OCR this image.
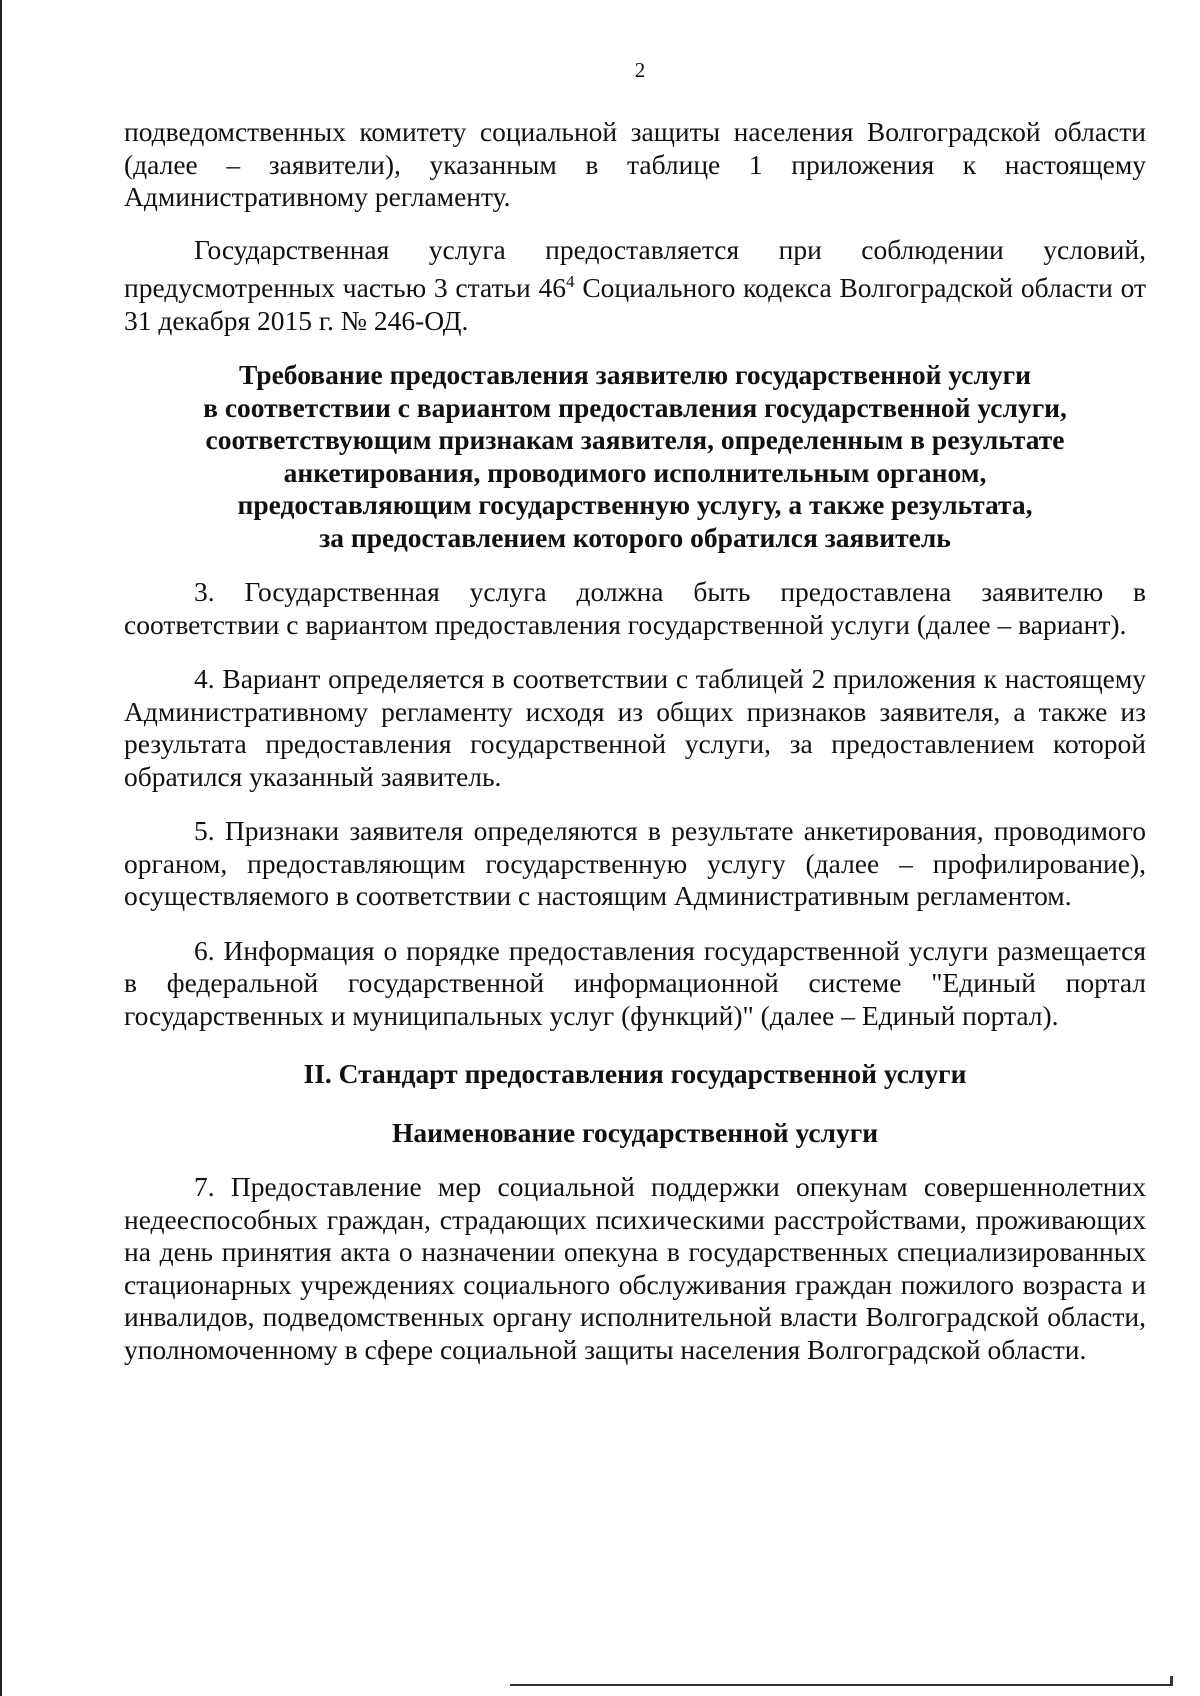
2

подведомственных комитету социальной защиты населения Волгоградской области (далее – заявители), указанным в таблице 1 приложения к настоящему Административному регламенту.

Государственная услуга предоставляется при соблюдении условий, предусмотренных частью 3 статьи $46^4$ Социального кодекса Волгоградской области от 31 декабря 2015 г. № 246-ОД.

Требование предоставления заявителю государственной услуги
в соответствии с вариантом предоставления государственной услуги,
соответствующим признакам заявителя, определенным в результате
анкетирования, проводимого исполнительным органом,
предоставляющим государственную услугу, а также результата,
за предоставлением которого обратился заявитель

3. Государственная услуга должна быть предоставлена заявителю в соответствии с вариантом предоставления государственной услуги (далее – вариант).

4. Вариант определяется в соответствии с таблицей 2 приложения к настоящему Административному регламенту исходя из общих признаков заявителя, а также из результата предоставления государственной услуги, за предоставлением которой обратился указанный заявитель.

5. Признаки заявителя определяются в результате анкетирования, проводимого органом, предоставляющим государственную услугу (далее – профилирование), осуществляемого в соответствии с настоящим Административным регламентом.

6. Информация о порядке предоставления государственной услуги размещается в федеральной государственной информационной системе "Единый портал государственных и муниципальных услуг (функций)" (далее – Единый портал).

II. Стандарт предоставления государственной услуги
Наименование государственной услуги

7. Предоставление мер социальной поддержки опекунам совершеннолетних недееспособных граждан, страдающих психическими расстройствами, проживающих на день принятия акта о назначении опекуна в государственных специализированных стационарных учреждениях социального обслуживания граждан пожилого возраста и инвалидов, подведомственных органу исполнительной власти Волгоградской области, уполномоченному в сфере социальной защиты населения Волгоградской области.
